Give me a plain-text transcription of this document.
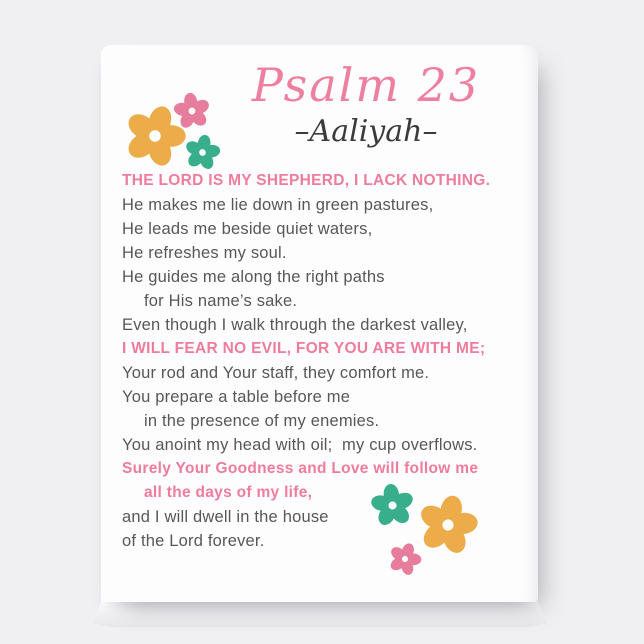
Psalm 23
–Aaliyah–
THE LORD IS MY SHEPHERD, I LACK NOTHING.
He makes me lie down in green pastures,
He leads me beside quiet waters,
He refreshes my soul.
He guides me along the right paths
for His name’s sake.
Even though I walk through the darkest valley,
I WILL FEAR NO EVIL, FOR YOU ARE WITH ME;
Your rod and Your staff, they comfort me.
You prepare a table before me
in the presence of my enemies.
You anoint my head with oil;  my cup overflows.
Surely Your Goodness and Love will follow me
all the days of my life,
and I will dwell in the house
of the Lord forever.
